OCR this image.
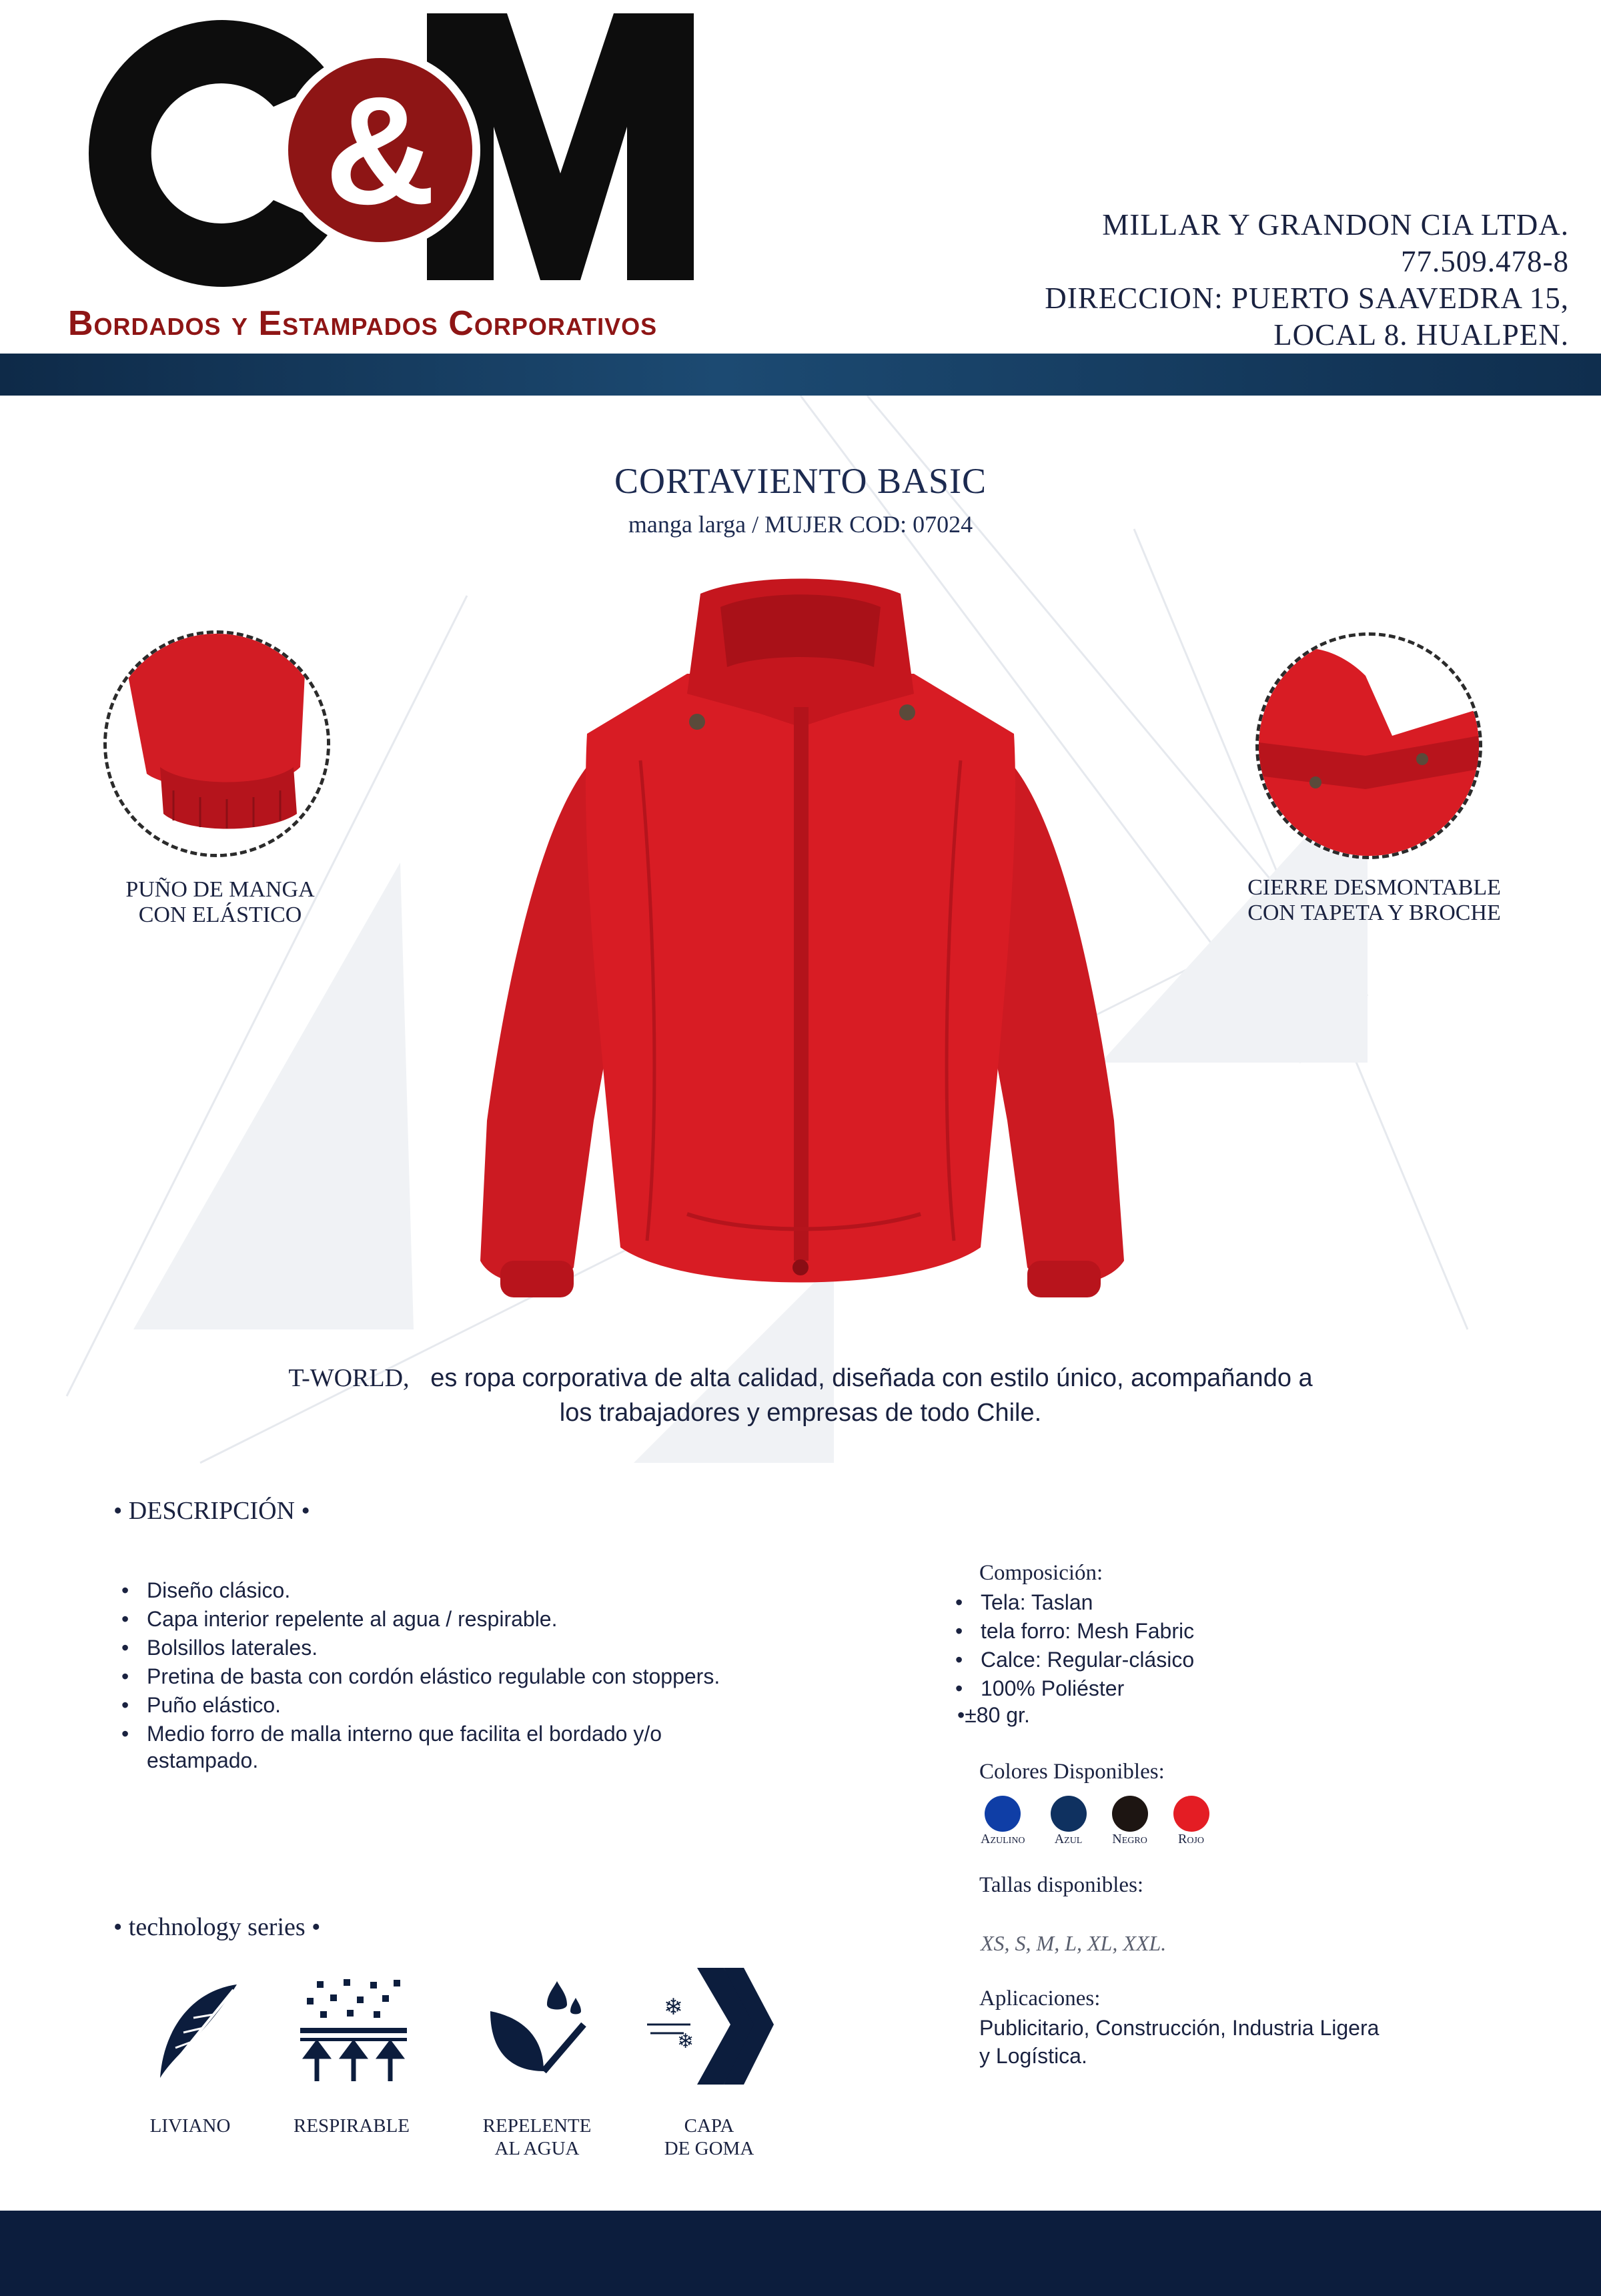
&
Bordados y Estampados Corporativos
MILLAR Y GRANDON CIA LTDA.
77.509.478-8
DIRECCION: PUERTO SAAVEDRA 15,
LOCAL 8. HUALPEN.
CORTAVIENTO BASIC
manga larga / MUJER COD: 07024
PUÑO DE MANGA
CON ELÁSTICO
CIERRE DESMONTABLE
CON TAPETA Y BROCHE
T-WORLD, es ropa corporativa de alta calidad, diseñada con estilo único, acompañando a
los trabajadores y empresas de todo Chile.
• DESCRIPCIÓN •
• Diseño clásico.
• Capa interior repelente al agua / respirable.
• Bolsillos laterales.
• Pretina de basta con cordón elástico regulable con stoppers.
• Puño elástico.
• Medio forro de malla interno que facilita el bordado y/o
estampado.
Composición:
• Tela: Taslan
• tela forro: Mesh Fabric
• Calce: Regular-clásico
• 100% Poliéster
•±80 gr.
Colores Disponibles:
Azulino Azul Negro Rojo
Tallas disponibles:
XS, S, M, L, XL, XXL.
Aplicaciones:
Publicitario, Construcción, Industria Ligera
y Logística.
• technology series •
❄
❄
LIVIANO	RESPIRABLE	REPELENTE
AL AGUA
CAPA
DE GOMA
